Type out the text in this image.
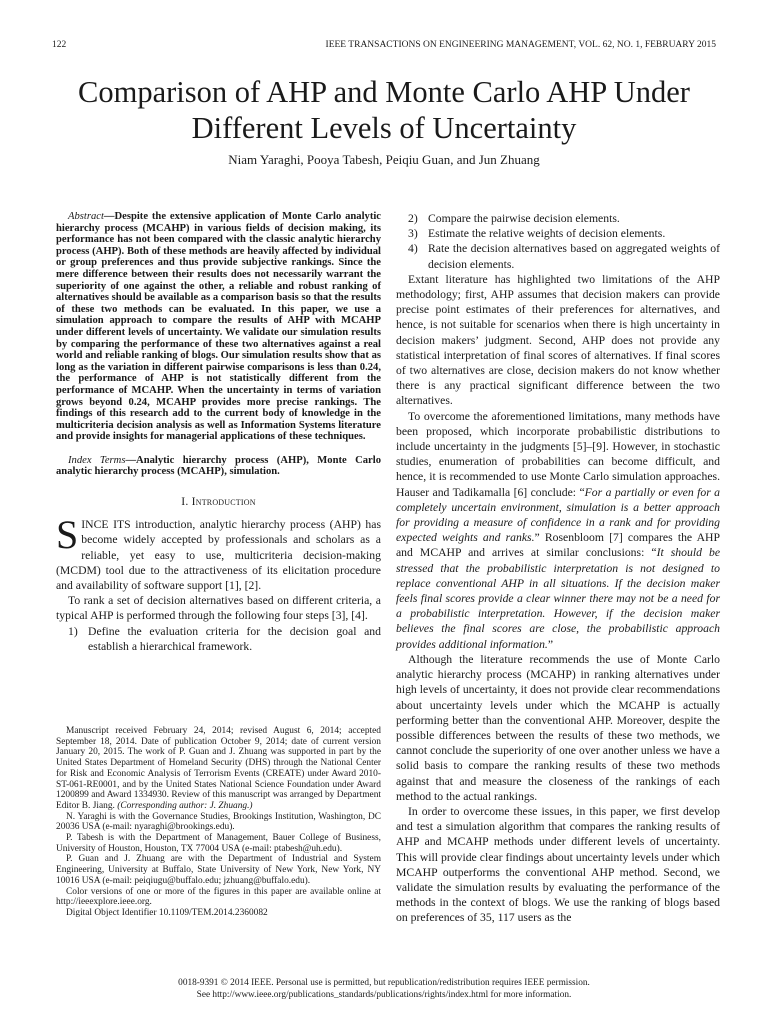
122	IEEE TRANSACTIONS ON ENGINEERING MANAGEMENT, VOL. 62, NO. 1, FEBRUARY 2015
Comparison of AHP and Monte Carlo AHP Under
Different Levels of Uncertainty
Niam Yaraghi, Pooya Tabesh, Peiqiu Guan, and Jun Zhuang

Abstract—Despite the extensive application of Monte Carlo analytic hierarchy process (MCAHP) in various fields of decision making, its performance has not been compared with the classic analytic hierarchy process (AHP). Both of these methods are heavily affected by individual or group preferences and thus provide subjective rankings. Since the mere difference between their results does not necessarily warrant the superiority of one against the other, a reliable and robust ranking of alternatives should be available as a comparison basis so that the results of these two methods can be evaluated. In this paper, we use a simulation approach to compare the results of AHP with MCAHP under different levels of uncertainty. We validate our simulation results by comparing the performance of these two alternatives against a real world and reliable ranking of blogs. Our simulation results show that as long as the variation in different pairwise comparisons is less than 0.24, the performance of AHP is not statistically different from the performance of MCAHP. When the uncertainty in terms of variation grows beyond 0.24, MCAHP provides more precise rankings. The findings of this research add to the current body of knowledge in the multicriteria decision analysis as well as Information Systems literature and provide insights for managerial applications of these techniques.

Index Terms—Analytic hierarchy process (AHP), Monte Carlo analytic hierarchy process (MCAHP), simulation.

I. Introduction

SINCE ITS introduction, analytic hierarchy process (AHP) has become widely accepted by professionals and scholars as a reliable, yet easy to use, multicriteria decision-making (MCDM) tool due to the attractiveness of its elicitation procedure and availability of software support [1], [2].

To rank a set of decision alternatives based on different criteria, a typical AHP is performed through the following four steps [3], [4].

1) Define the evaluation criteria for the decision goal and establish a hierarchical framework.

Manuscript received February 24, 2014; revised August 6, 2014; accepted September 18, 2014. Date of publication October 9, 2014; date of current version January 20, 2015. The work of P. Guan and J. Zhuang was supported in part by the United States Department of Homeland Security (DHS) through the National Center for Risk and Economic Analysis of Terrorism Events (CREATE) under Award 2010-ST-061-RE0001, and by the United States National Science Foundation under Award 1200899 and Award 1334930. Review of this manuscript was arranged by Department Editor B. Jiang. (Corresponding author: J. Zhuang.)

N. Yaraghi is with the Governance Studies, Brookings Institution, Washington, DC 20036 USA (e-mail: nyaraghi@brookings.edu).

P. Tabesh is with the Department of Management, Bauer College of Business, University of Houston, Houston, TX 77004 USA (e-mail: ptabesh@uh.edu).

P. Guan and J. Zhuang are with the Department of Industrial and System Engineering, University at Buffalo, State University of New York, New York, NY 10016 USA (e-mail: peiqiugu@buffalo.edu; jzhuang@buffalo.edu).

Color versions of one or more of the figures in this paper are available online at http://ieeexplore.ieee.org.

Digital Object Identifier 10.1109/TEM.2014.2360082

2) Compare the pairwise decision elements.
3) Estimate the relative weights of decision elements.
4) Rate the decision alternatives based on aggregated weights of decision elements.

Extant literature has highlighted two limitations of the AHP methodology; first, AHP assumes that decision makers can provide precise point estimates of their preferences for alternatives, and hence, is not suitable for scenarios when there is high uncertainty in decision makers’ judgment. Second, AHP does not provide any statistical interpretation of final scores of alternatives. If final scores of two alternatives are close, decision makers do not know whether there is any practical significant difference between the two alternatives.

To overcome the aforementioned limitations, many methods have been proposed, which incorporate probabilistic distributions to include uncertainty in the judgments [5]–[9]. However, in stochastic studies, enumeration of probabilities can become difficult, and hence, it is recommended to use Monte Carlo simulation approaches. Hauser and Tadikamalla [6] conclude: “For a partially or even for a completely uncertain environment, simulation is a better approach for providing a measure of confidence in a rank and for providing expected weights and ranks.” Rosenbloom [7] compares the AHP and MCAHP and arrives at similar conclusions: “It should be stressed that the probabilistic interpretation is not designed to replace conventional AHP in all situations. If the decision maker feels final scores provide a clear winner there may not be a need for a probabilistic interpretation. However, if the decision maker believes the final scores are close, the probabilistic approach provides additional information.”

Although the literature recommends the use of Monte Carlo analytic hierarchy process (MCAHP) in ranking alternatives under high levels of uncertainty, it does not provide clear recommendations about uncertainty levels under which the MCAHP is actually performing better than the conventional AHP. Moreover, despite the possible differences between the results of these two methods, we cannot conclude the superiority of one over another unless we have a solid basis to compare the ranking results of these two methods against that and measure the closeness of the rankings of each method to the actual rankings.

In order to overcome these issues, in this paper, we first develop and test a simulation algorithm that compares the ranking results of AHP and MCAHP methods under different levels of uncertainty. This will provide clear findings about uncertainty levels under which MCAHP outperforms the conventional AHP method. Second, we validate the simulation results by evaluating the performance of the methods in the context of blogs. We use the ranking of blogs based on preferences of 35, 117 users as the

0018-9391 © 2014 IEEE. Personal use is permitted, but republication/redistribution requires IEEE permission.
See http://www.ieee.org/publications_standards/publications/rights/index.html for more information.
